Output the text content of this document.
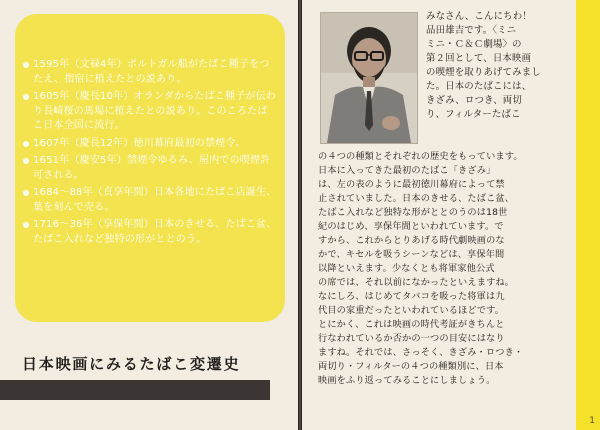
1595年（文禄4年）ポルトガル船がたばこ種子をつたえ、指宿に植えたとの説あり。
1605年（慶長10年）オランダからたばこ種子が伝わり長崎桜の馬場に植えたとの説あり。このころたばこ日本全国に流行。
1607年（慶長12年）徳川幕府最初の禁煙令。
1651年（慶安5年）禁煙令ゆるみ、屋内での喫煙許可される。
1684〜88年（貞享年間）日本各地にたばこ店誕生、葉を刻んで売る。
1716〜36年（享保年間）日本のきせる、たばこ盆、たばこ入れなど独特の形がととのう。
日本映画にみるたばこ変遷史
みなさん、こんにちわ！
品田雄吉です。〈ミニ
ミニ・Ｃ＆Ｃ劇場〉の
第２回として、日本映画
の喫煙を取りあげてみまし
た。日本のたばこには、
きざみ、ロつき、両切
り、フィルターたばこ
の４つの種類とそれぞれの歴史をもっています。
日本に入ってきた最初のたばこ「きざみ」
は、左の表のように最初徳川幕府によって禁
止されていました。日本のきせる、たばこ盆、
たばこ入れなど独特な形がととのうのは18世
紀のはじめ、享保年間といわれています。で
すから、これからとりあげる時代劇映画のな
かで、キセルを吸うシーンなどは、享保年間
以降といえます。少なくとも将軍家他公式
の席では、それ以前になかったといえますね。
なにしろ、はじめてタバコを吸った将軍は九
代目の家重だったといわれているほどです。
とにかく、これは映画の時代考証がきちんと
行なわれているか否かの一つの目安にはなり
ますね。それでは、さっそく、きざみ・ロつき・
両切り・フィルターの４つの種類別に、日本
映画をふり返ってみることにしましょう。
1
